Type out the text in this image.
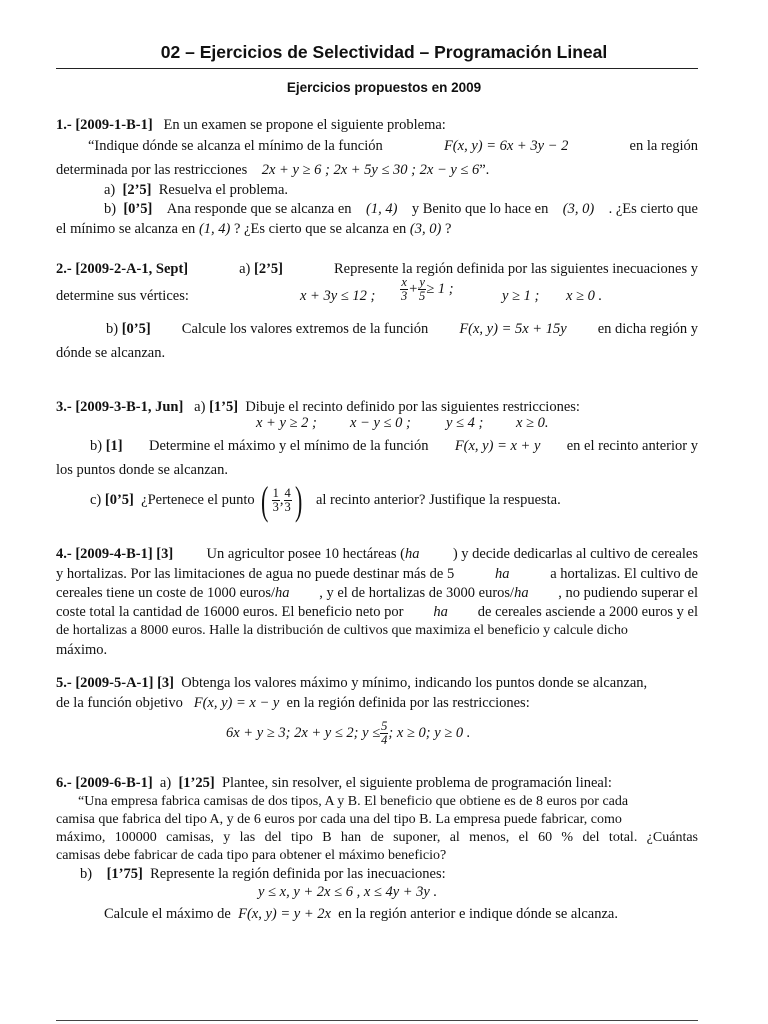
02 – Ejercicios de Selectividad – Programación Lineal
Ejercicios propuestos en 2009
1.- [2009-1-B-1] En un examen se propone el siguiente problema:
“Indique dónde se alcanza el mínimo de la función	F(x, y) = 6x + 3y − 2	en la región
determinada por las restricciones 2x + y ≥ 6 ; 2x + 5y ≤ 30 ; 2x − y ≤ 6”.
a) [2’5] Resuelva el problema.
b) [0’5] Ana responde que se alcanza en (1, 4) y Benito que lo hace en (3, 0) . ¿Es cierto que
el mínimo se alcanza en (1, 4) ? ¿Es cierto que se alcanza en (3, 0) ?
2.- [2009-2-A-1, Sept]	a) [2’5]	Represente la región definida por las siguientes inecuaciones y
determine sus vértices:	x + 3y ≤ 12 ; $\frac{x}{3} + \frac{y}{5} \ge 1$ ;	y ≥ 1 ; x ≥ 0 .
b) [0’5] Calcule los valores extremos de la función F(x, y) = 5x + 15y en dicha región y
dónde se alcanzan.
3.- [2009-3-B-1, Jun] a) [1’5] Dibuje el recinto definido por las siguientes restricciones:
x + y ≥ 2 ; x − y ≤ 0 ; y ≤ 4 ; x ≥ 0.
b) [1] Determine el máximo y el mínimo de la función F(x, y) = x + y en el recinto anterior y
los puntos donde se alcanzan.
c) [0’5] ¿Pertenece el punto ( $\frac{1}{3}$ , $\frac{4}{3}$ ) al recinto anterior? Justifique la respuesta.
4.- [2009-4-B-1] [3] Un agricultor posee 10 hectáreas (ha ) y decide dedicarlas al cultivo de cereales
y hortalizas. Por las limitaciones de agua no puede destinar más de 5	ha	a hortalizas. El cultivo de
cereales tiene un coste de 1000 euros/ha , y el de hortalizas de 3000 euros/ha , no pudiendo superar el
coste total la cantidad de 16000 euros. El beneficio neto por ha de cereales asciende a 2000 euros y el
de hortalizas a 8000 euros. Halle la distribución de cultivos que maximiza el beneficio y calcule dicho
máximo.
5.- [2009-5-A-1] [3] Obtenga los valores máximo y mínimo, indicando los puntos donde se alcanzan,
de la función objetivo F(x, y) = x − y en la región definida por las restricciones:
6x + y ≥ 3; 2x + y ≤ 2; $y \le \frac{5}{4}$ ; x ≥ 0; y ≥ 0 .
6.- [2009-6-B-1] a) [1’25] Plantee, sin resolver, el siguiente problema de programación lineal:
“Una empresa fabrica camisas de dos tipos, A y B. El beneficio que obtiene es de 8 euros por cada
camisa que fabrica del tipo A, y de 6 euros por cada una del tipo B. La empresa puede fabricar, como
máximo, 100000 camisas, y las del tipo B han de suponer, al menos, el 60 % del total. ¿Cuántas
camisas debe fabricar de cada tipo para obtener el máximo beneficio?
b) [1’75] Represente la región definida por las inecuaciones:
y ≤ x, y + 2x ≤ 6 , x ≤ 4y + 3y .
Calcule el máximo de F(x, y) = y + 2x en la región anterior e indique dónde se alcanza.
